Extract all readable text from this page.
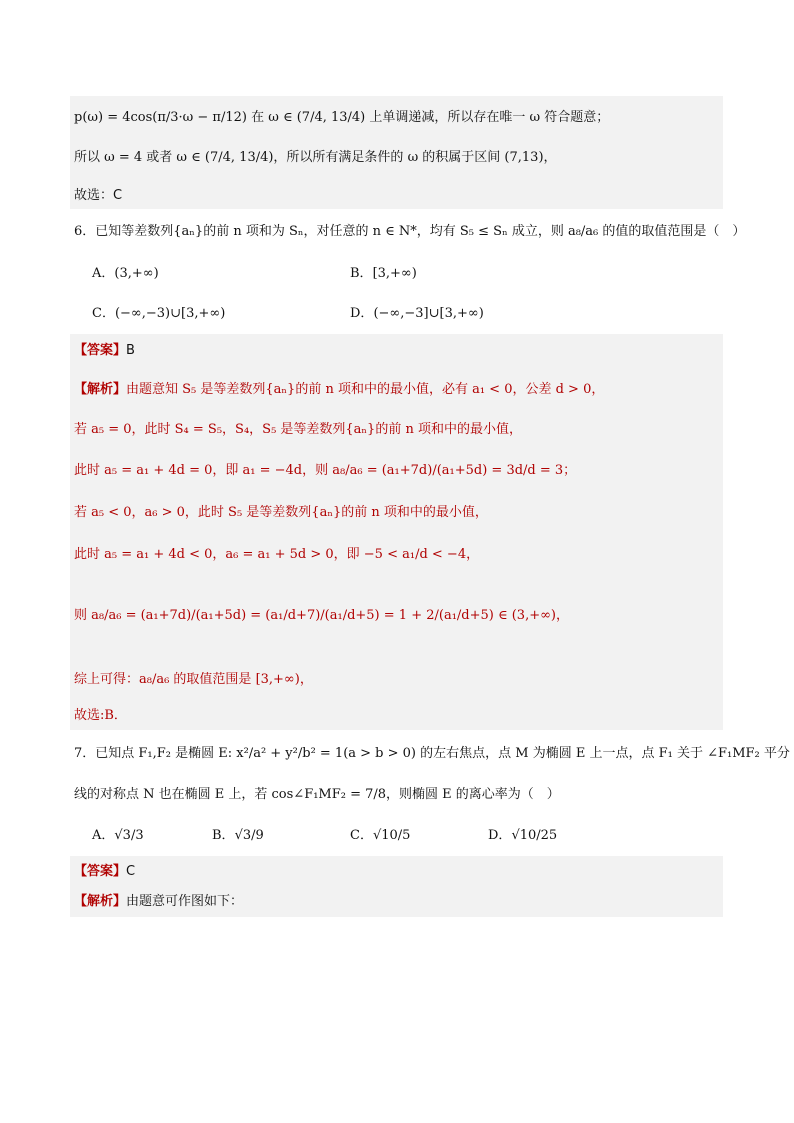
p(ω) = 4cos(π/3·ω − π/12) 在 ω ∈ (7/4, 13/4) 上单调递减，所以存在唯一 ω 符合题意；
所以 ω = 4 或者 ω ∈ (7/4, 13/4)，所以所有满足条件的 ω 的积属于区间 (7,13)，
故选：C
6．已知等差数列{aₙ}的前 n 项和为 Sₙ，对任意的 n ∈ N*，均有 S₅ ≤ Sₙ 成立，则 a₈/a₆ 的值的取值范围是（　）
A．(3,+∞)	B．[3,+∞)
C．(−∞,−3)∪[3,+∞)	D．(−∞,−3]∪[3,+∞)
【答案】B
【解析】由题意知 S₅ 是等差数列{aₙ}的前 n 项和中的最小值，必有 a₁ < 0，公差 d > 0，
若 a₅ = 0，此时 S₄ = S₅，S₄，S₅ 是等差数列{aₙ}的前 n 项和中的最小值，
此时 a₅ = a₁ + 4d = 0，即 a₁ = −4d，则 a₈/a₆ = (a₁+7d)/(a₁+5d) = 3d/d = 3；
若 a₅ < 0，a₆ > 0，此时 S₅ 是等差数列{aₙ}的前 n 项和中的最小值，
此时 a₅ = a₁ + 4d < 0，a₆ = a₁ + 5d > 0，即 −5 < a₁/d < −4，
则 a₈/a₆ = (a₁+7d)/(a₁+5d) = (a₁/d+7)/(a₁/d+5) = 1 + 2/(a₁/d+5) ∈ (3,+∞)，
综上可得：a₈/a₆ 的取值范围是 [3,+∞)，
故选:B．
7．已知点 F₁,F₂ 是椭圆 E: x²/a² + y²/b² = 1(a > b > 0) 的左右焦点，点 M 为椭圆 E 上一点，点 F₁ 关于 ∠F₁MF₂ 平分
线的对称点 N 也在椭圆 E 上，若 cos∠F₁MF₂ = 7/8，则椭圆 E 的离心率为（　）
A．√3/3	B．√3/9	C．√10/5	D．√10/25
【答案】C
【解析】由题意可作图如下：
